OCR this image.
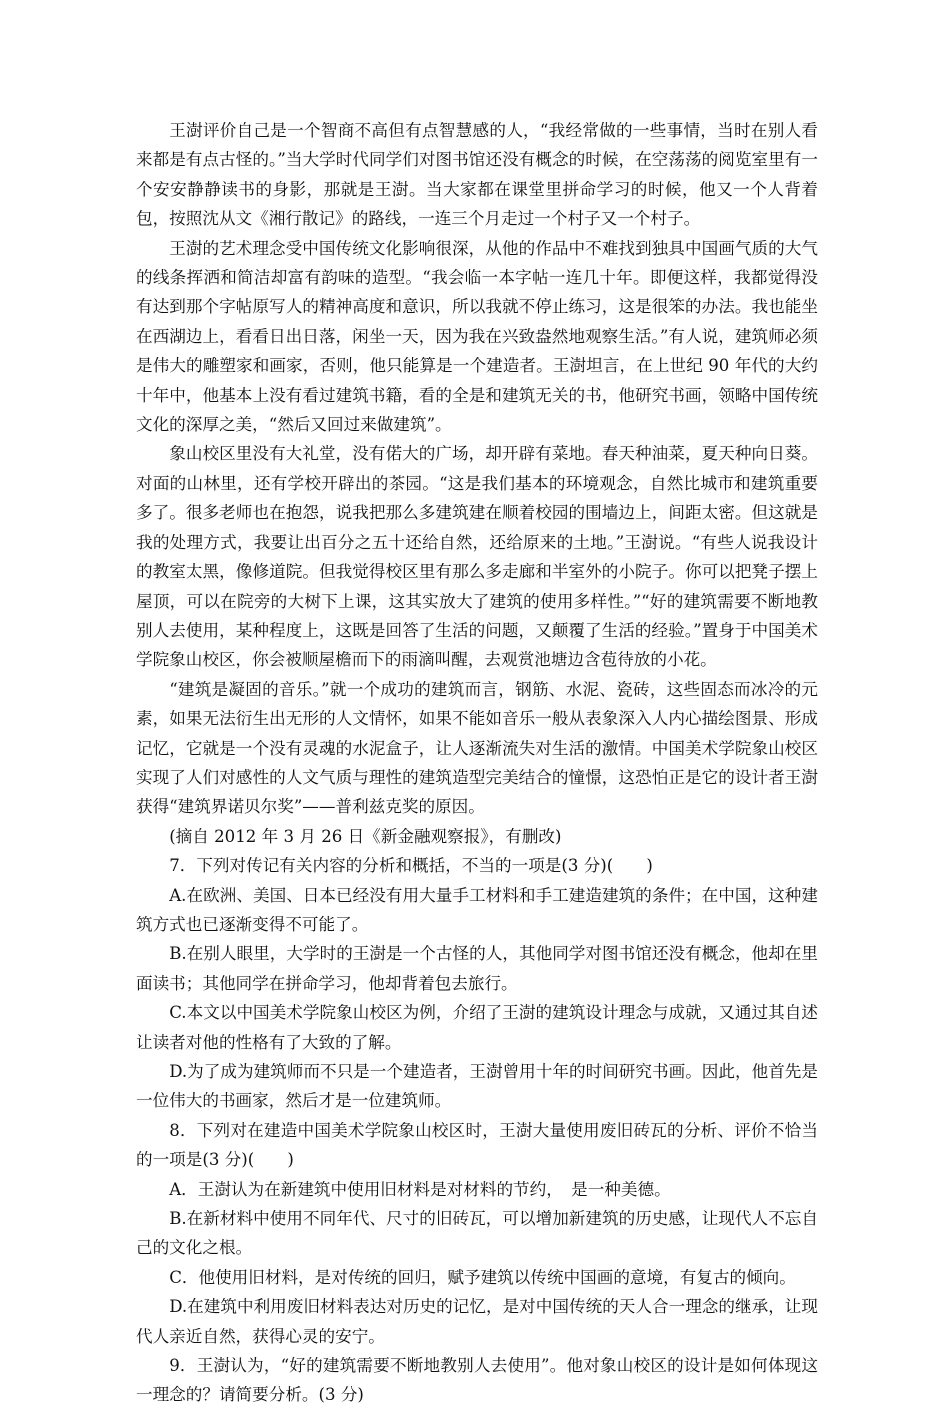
王澍评价自己是一个智商不高但有点智慧感的人，“我经常做的一些事情，当时在别人看来都是有点古怪的。”当大学时代同学们对图书馆还没有概念的时候，在空荡荡的阅览室里有一个安安静静读书的身影，那就是王澍。当大家都在课堂里拼命学习的时候，他又一个人背着包，按照沈从文《湘行散记》的路线，一连三个月走过一个村子又一个村子。

王澍的艺术理念受中国传统文化影响很深，从他的作品中不难找到独具中国画气质的大气的线条挥洒和简洁却富有韵味的造型。“我会临一本字帖一连几十年。即便这样，我都觉得没有达到那个字帖原写人的精神高度和意识，所以我就不停止练习，这是很笨的办法。我也能坐在西湖边上，看看日出日落，闲坐一天，因为我在兴致盎然地观察生活。”有人说，建筑师必须是伟大的雕塑家和画家，否则，他只能算是一个建造者。王澍坦言，在上世纪 90 年代的大约十年中，他基本上没有看过建筑书籍，看的全是和建筑无关的书，他研究书画，领略中国传统文化的深厚之美，“然后又回过来做建筑”。

象山校区里没有大礼堂，没有偌大的广场，却开辟有菜地。春天种油菜，夏天种向日葵。对面的山林里，还有学校开辟出的茶园。“这是我们基本的环境观念，自然比城市和建筑重要多了。很多老师也在抱怨，说我把那么多建筑建在顺着校园的围墙边上，间距太密。但这就是我的处理方式，我要让出百分之五十还给自然，还给原来的土地。”王澍说。“有些人说我设计的教室太黑，像修道院。但我觉得校区里有那么多走廊和半室外的小院子。你可以把凳子摆上屋顶，可以在院旁的大树下上课，这其实放大了建筑的使用多样性。”“好的建筑需要不断地教别人去使用，某种程度上，这既是回答了生活的问题，又颠覆了生活的经验。”置身于中国美术学院象山校区，你会被顺屋檐而下的雨滴叫醒，去观赏池塘边含苞待放的小花。

“建筑是凝固的音乐。”就一个成功的建筑而言，钢筋、水泥、瓷砖，这些固态而冰冷的元素，如果无法衍生出无形的人文情怀，如果不能如音乐一般从表象深入人内心描绘图景、形成记忆，它就是一个没有灵魂的水泥盒子，让人逐渐流失对生活的激情。中国美术学院象山校区实现了人们对感性的人文气质与理性的建筑造型完美结合的憧憬，这恐怕正是它的设计者王澍获得“建筑界诺贝尔奖”——普利兹克奖的原因。

(摘自 2012 年 3 月 26 日《新金融观察报》，有删改)

7．下列对传记有关内容的分析和概括，不当的一项是(3 分)(　　)

A.在欧洲、美国、日本已经没有用大量手工材料和手工建造建筑的条件；在中国，这种建筑方式也已逐渐变得不可能了。

B.在别人眼里，大学时的王澍是一个古怪的人，其他同学对图书馆还没有概念，他却在里面读书；其他同学在拼命学习，他却背着包去旅行。

C.本文以中国美术学院象山校区为例，介绍了王澍的建筑设计理念与成就，又通过其自述让读者对他的性格有了大致的了解。

D.为了成为建筑师而不只是一个建造者，王澍曾用十年的时间研究书画。因此，他首先是一位伟大的书画家，然后才是一位建筑师。

8．下列对在建造中国美术学院象山校区时，王澍大量使用废旧砖瓦的分析、评价不恰当的一项是(3 分)(　　)

A．王澍认为在新建筑中使用旧材料是对材料的节约，　是一种美德。

B.在新材料中使用不同年代、尺寸的旧砖瓦，可以增加新建筑的历史感，让现代人不忘自己的文化之根。

C．他使用旧材料，是对传统的回归，赋予建筑以传统中国画的意境，有复古的倾向。

D.在建筑中利用废旧材料表达对历史的记忆，是对中国传统的天人合一理念的继承，让现代人亲近自然，获得心灵的安宁。

9．王澍认为，“好的建筑需要不断地教别人去使用”。他对象山校区的设计是如何体现这一理念的？请简要分析。(3 分)
